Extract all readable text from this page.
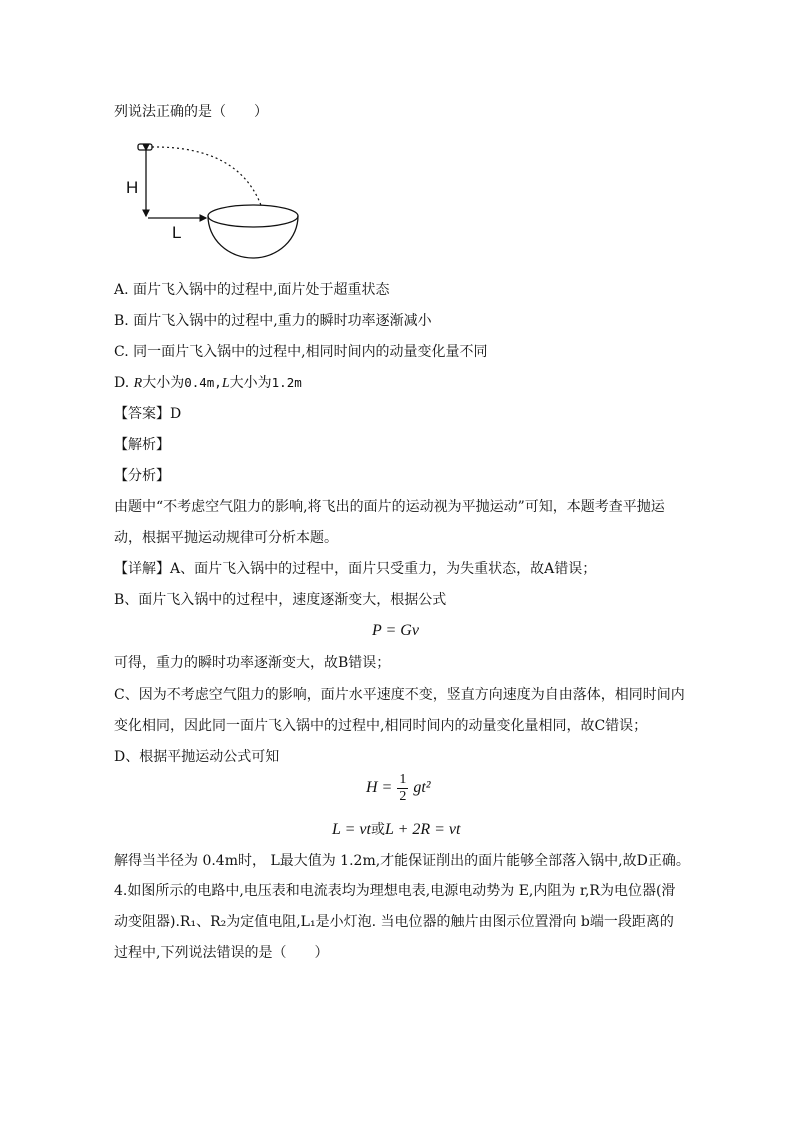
列说法正确的是（　　）
H
L
A. 面片飞入锅中的过程中,面片处于超重状态
B. 面片飞入锅中的过程中,重力的瞬时功率逐渐减小
C. 同一面片飞入锅中的过程中,相同时间内的动量变化量不同
D. R大小为0.4m,L大小为1.2m
【答案】D
【解析】
【分析】
由题中“不考虑空气阻力的影响,将飞出的面片的运动视为平抛运动”可知，本题考查平抛运
动，根据平抛运动规律可分析本题。
【详解】A、面片飞入锅中的过程中，面片只受重力，为失重状态，故A错误；
B、面片飞入锅中的过程中，速度逐渐变大，根据公式
P = Gv
可得，重力的瞬时功率逐渐变大，故B错误；
C、因为不考虑空气阻力的影响，面片水平速度不变，竖直方向速度为自由落体，相同时间内
变化相同，因此同一面片飞入锅中的过程中,相同时间内的动量变化量相同，故C错误；
D、根据平抛运动公式可知
$H = \frac{1}{2} gt^2$
L = vt或L + 2R = vt
解得当半径为 0.4m时， L最大值为 1.2m,才能保证削出的面片能够全部落入锅中,故D正确。
4.如图所示的电路中,电压表和电流表均为理想电表,电源电动势为 E,内阻为 r,R为电位器(滑
动变阻器).R₁、R₂为定值电阻,L₁是小灯泡. 当电位器的触片由图示位置滑向 b端一段距离的
过程中,下列说法错误的是（　　）
